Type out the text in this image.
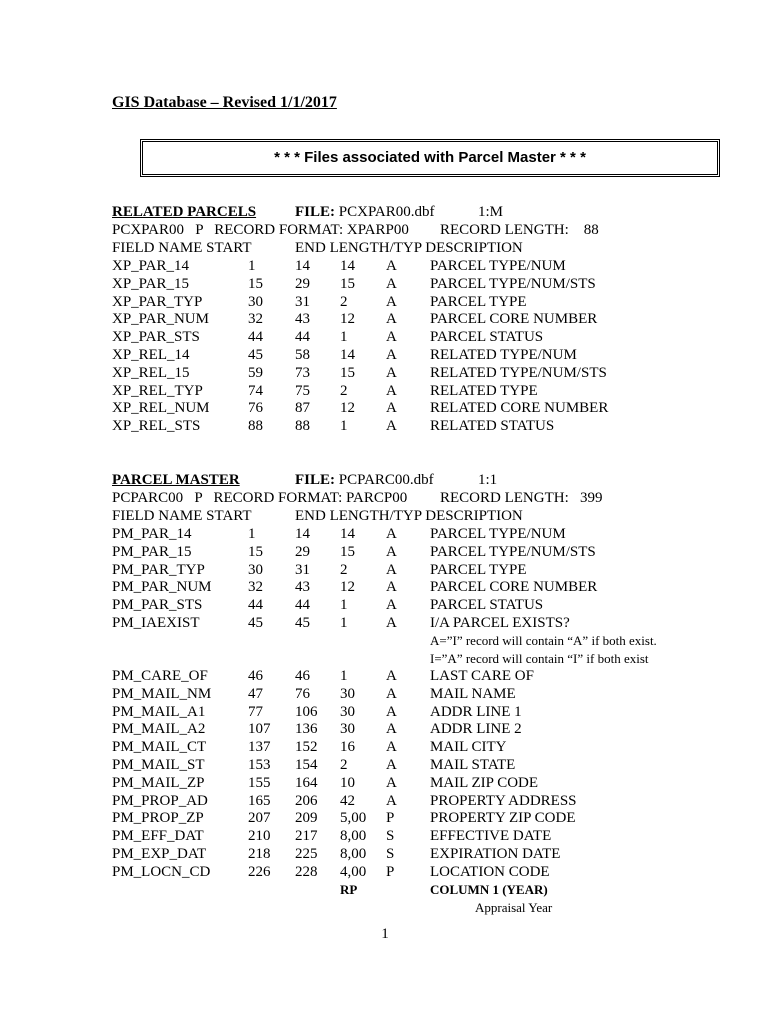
GIS Database – Revised 1/1/2017
* * * Files associated with Parcel Master * * *
RELATED PARCELS	FILE: PCXPAR00.dbf	1:M
PCXPAR00   P   RECORD FORMAT: XPARP00 RECORD LENGTH:    88
FIELD NAME START	END LENGTH/TYP DESCRIPTION
XP_PAR_14	1	14 14 A PARCEL TYPE/NUM
XP_PAR_15	15 29 15 A PARCEL TYPE/NUM/STS
XP_PAR_TYP	30 31 2	A PARCEL TYPE
XP_PAR_NUM	32 43 12 A PARCEL CORE NUMBER
XP_PAR_STS	44 44 1	A PARCEL STATUS
XP_REL_14	45 58 14 A RELATED TYPE/NUM
XP_REL_15	59 73 15 A RELATED TYPE/NUM/STS
XP_REL_TYP	74 75 2	A RELATED TYPE
XP_REL_NUM	76 87 12 A RELATED CORE NUMBER
XP_REL_STS	88 88 1	A RELATED STATUS
PARCEL MASTER	FILE: PCPARC00.dbf	1:1
PCPARC00   P   RECORD FORMAT: PARCP00 RECORD LENGTH:   399
FIELD NAME START	END LENGTH/TYP DESCRIPTION
PM_PAR_14	1	14 14 A PARCEL TYPE/NUM
PM_PAR_15	15 29 15 A PARCEL TYPE/NUM/STS
PM_PAR_TYP	30 31 2	A PARCEL TYPE
PM_PAR_NUM 32 43 12 A PARCEL CORE NUMBER
PM_PAR_STS	44 44 1	A PARCEL STATUS
PM_IAEXIST	45 45 1	A I/A PARCEL EXISTS?
A=”I” record will contain “A” if both exist.
I=”A” record will contain “I” if both exist
PM_CARE_OF	46 46 1	A LAST CARE OF
PM_MAIL_NM 47 76 30 A MAIL NAME
PM_MAIL_A1	77 106 30 A ADDR LINE 1
PM_MAIL_A2	107 136 30 A ADDR LINE 2
PM_MAIL_CT	137 152 16 A MAIL CITY
PM_MAIL_ST	153 154 2	A MAIL STATE
PM_MAIL_ZP	155 164 10 A MAIL ZIP CODE
PM_PROP_AD	165 206 42 A PROPERTY ADDRESS
PM_PROP_ZP	207 209 5,00 P PROPERTY ZIP CODE
PM_EFF_DAT	210 217 8,00 S EFFECTIVE DATE
PM_EXP_DAT	218 225 8,00 S EXPIRATION DATE
PM_LOCN_CD	226 228 4,00 P LOCATION CODE
RP	COLUMN 1 (YEAR)
Appraisal Year
1
